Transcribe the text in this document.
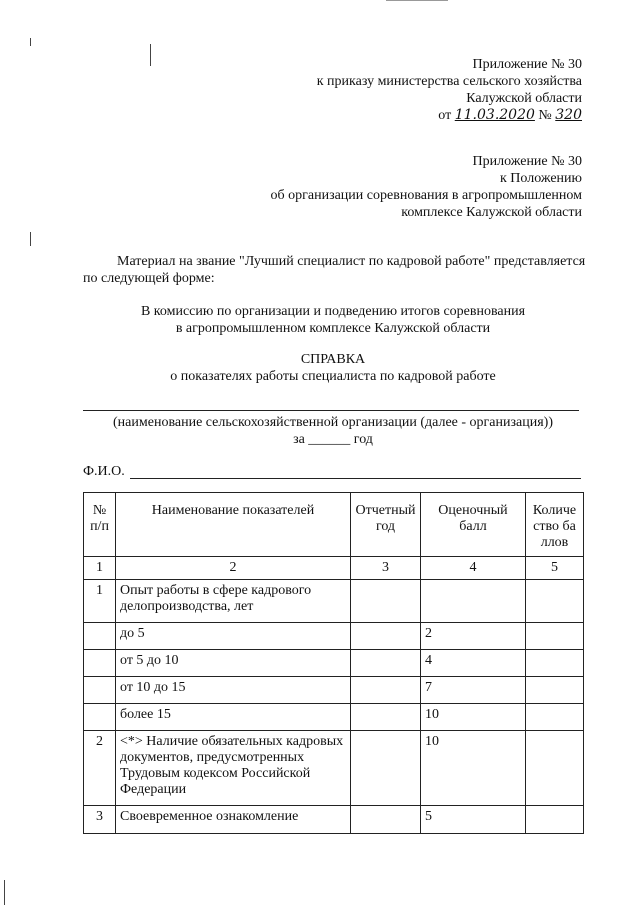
Приложение № 30
к приказу министерства сельского хозяйства
Калужской области
от 11.03.2020 № 320
Приложение № 30
к Положению
об организации соревнования в агропромышленном
комплексе Калужской области
Материал на звание "Лучший специалист по кадровой работе" представляется
по следующей форме:
В комиссию по организации и подведению итогов соревнования
в агропромышленном комплексе Калужской области
СПРАВКА
о показателях работы специалиста по кадровой работе
(наименование сельскохозяйственной организации (далее - организация))
за ______ год
Ф.И.О.
№ п/п	Наименование показателей	Отчетный год	Оценочный балл	Количество баллов
1	2	3	4	5
1	Опыт работы в сфере кадрового делопроизводства, лет			
	до 5		2	
	от 5 до 10		4	
	от 10 до 15		7	
	более 15		10	
2	<*> Наличие обязательных кадровых документов, предусмотренных Трудовым кодексом Российской Федерации		10	
3	Своевременное ознакомление		5	
